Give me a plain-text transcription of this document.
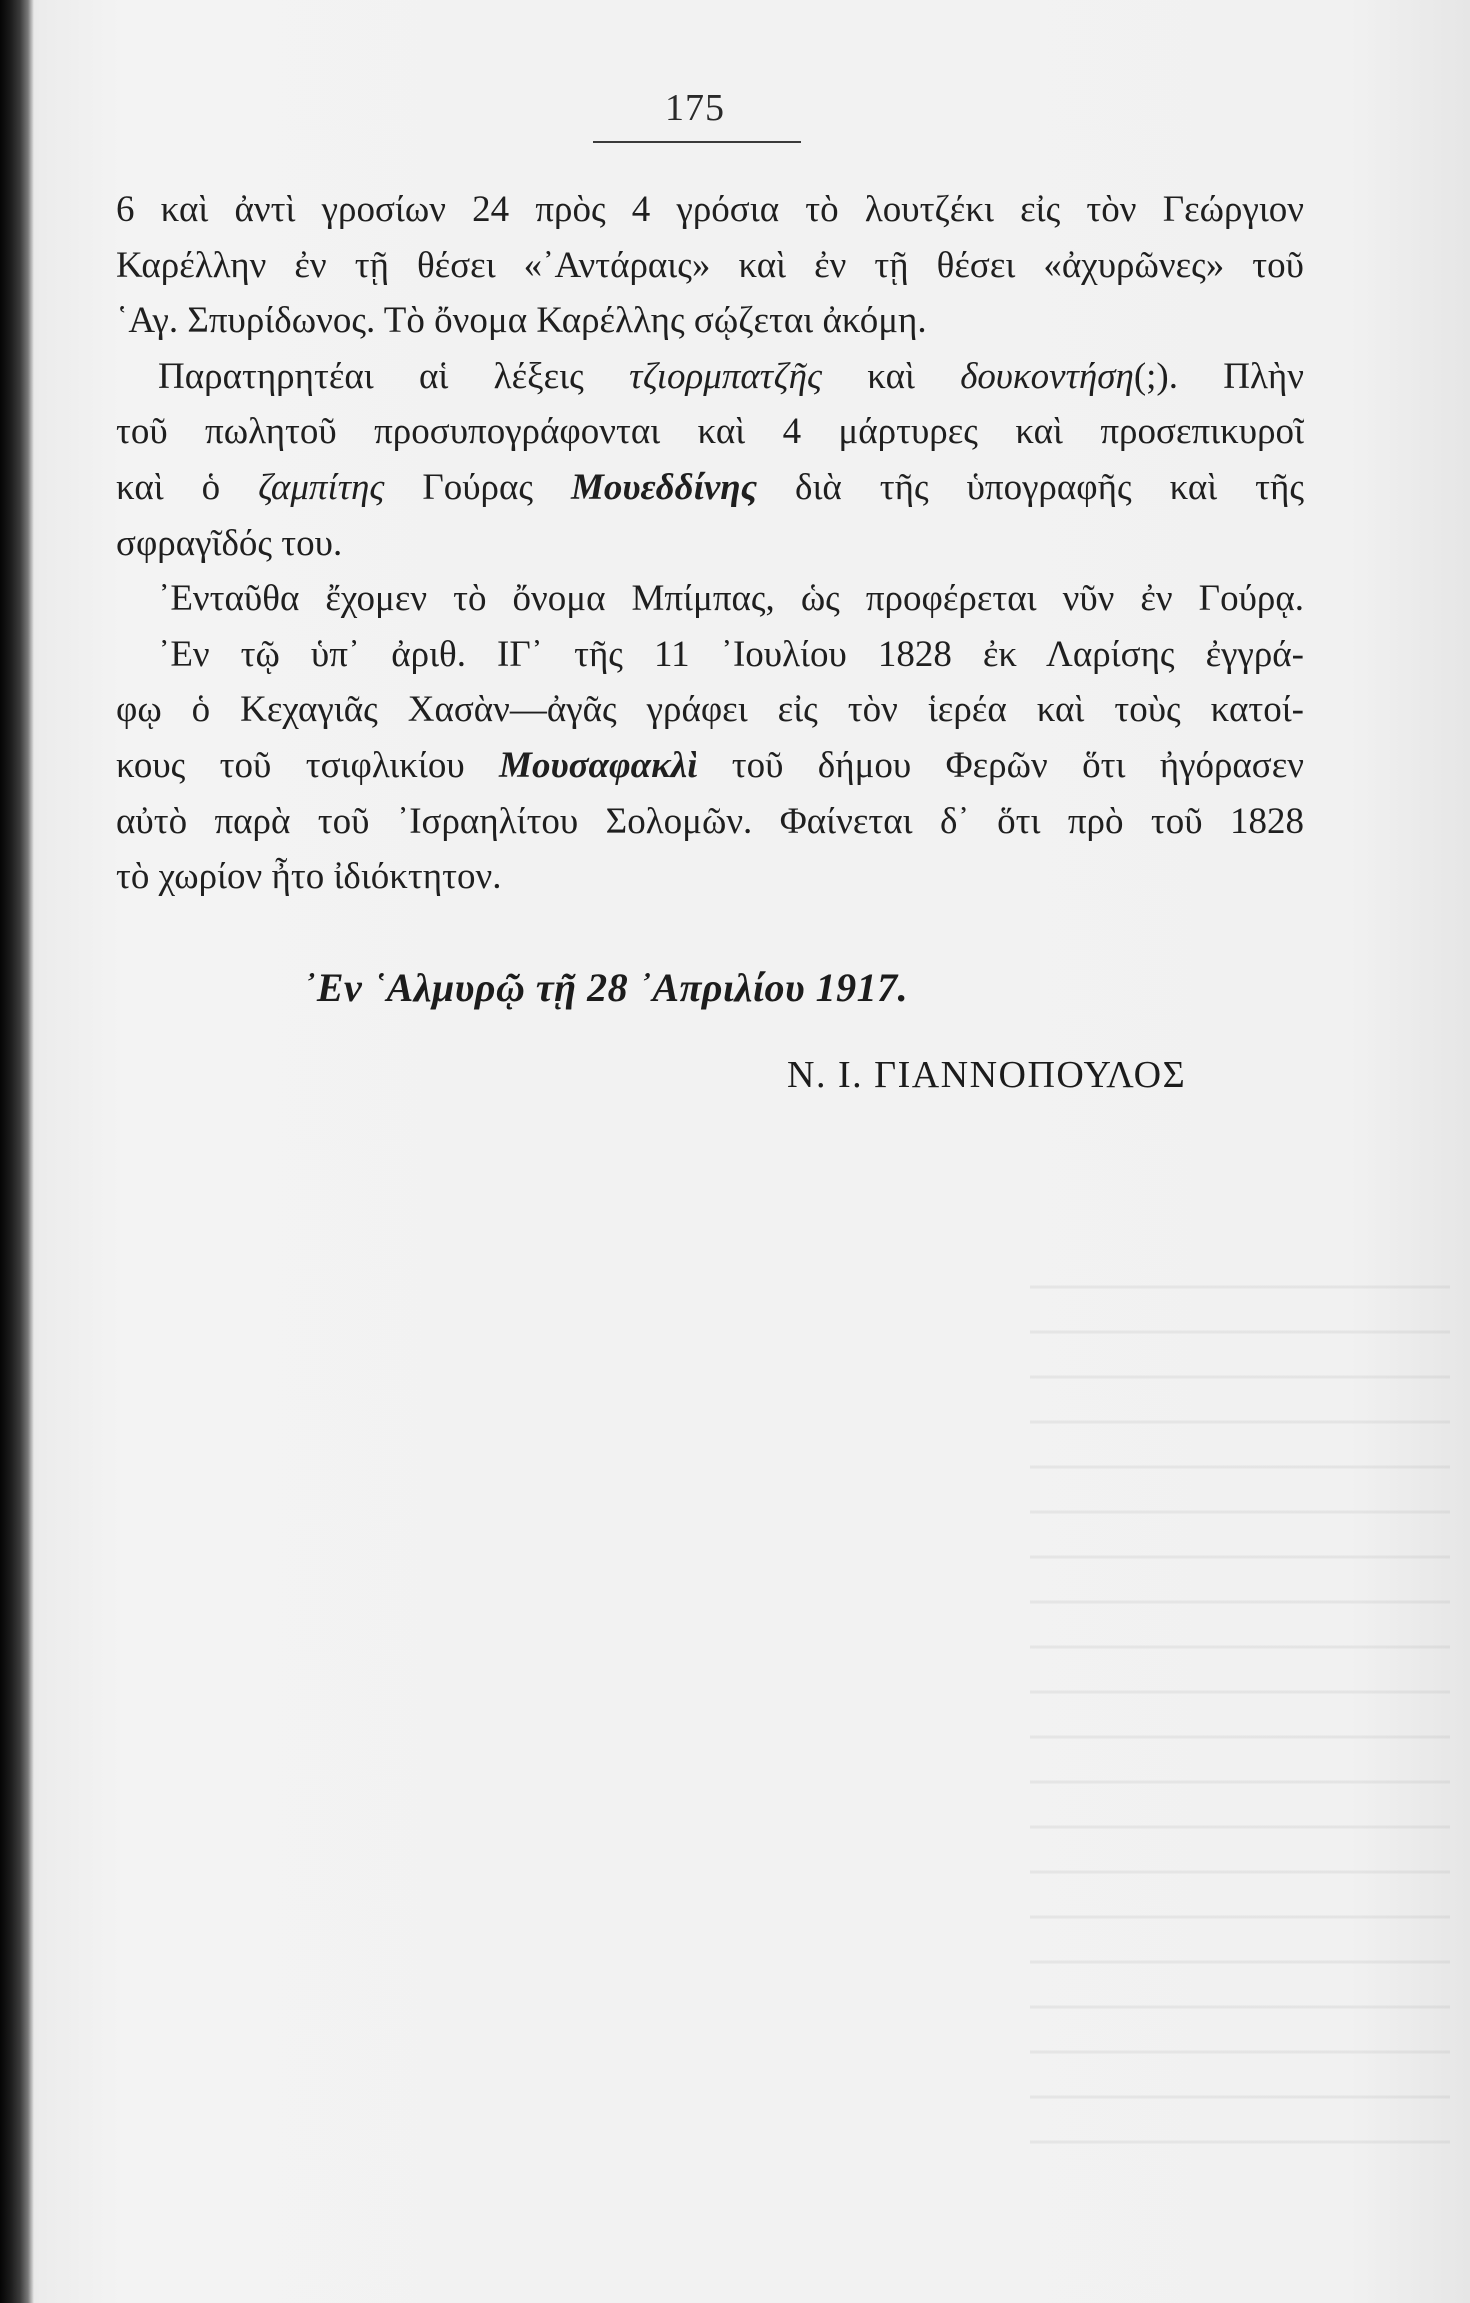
175
6 καὶ ἀντὶ γροσίων 24 πρὸς 4 γρόσια τὸ λουτζέκι εἰς τὸν Γεώργιον
Καρέλλην ἐν τῇ θέσει «᾿Αντάραις» καὶ ἐν τῇ θέσει «ἀχυρῶνες» τοῦ
῾Αγ. Σπυρίδωνος. Τὸ ὄνομα Καρέλλης σῴζεται ἀκόμη.
Παρατηρητέαι αἱ λέξεις τζιορμπατζῆς καὶ δουκοντήση(;). Πλὴν
τοῦ πωλητοῦ προσυπογράφονται καὶ 4 μάρτυρες καὶ προσεπικυροῖ
καὶ ὁ ζαμπίτης Γούρας Μουεδδίνης διὰ τῆς ὑπογραφῆς καὶ τῆς
σφραγῖδός του.
᾿Ενταῦθα ἔχομεν τὸ ὄνομα Μπίμπας, ὡς προφέρεται νῦν ἐν Γούρᾳ.
᾿Εν τῷ ὑπ᾿ ἀριθ. ΙΓ᾿ τῆς 11 ᾿Ιουλίου 1828 ἐκ Λαρίσης ἐγγρά-
φῳ ὁ Κεχαγιᾶς Χασὰν—ἀγᾶς γράφει εἰς τὸν ἱερέα καὶ τοὺς κατοί-
κους τοῦ τσιφλικίου Μουσαφακλὶ τοῦ δήμου Φερῶν ὅτι ἠγόρασεν
αὐτὸ παρὰ τοῦ ᾿Ισραηλίτου Σολομῶν. Φαίνεται δ᾿ ὅτι πρὸ τοῦ 1828
τὸ χωρίον ἦτο ἰδιόκτητον.
᾿Εν ῾Αλμυρῷ τῇ 28 ᾿Απριλίου 1917.
Ν. Ι. ΓΙΑΝΝΟΠΟΥΛΟΣ
